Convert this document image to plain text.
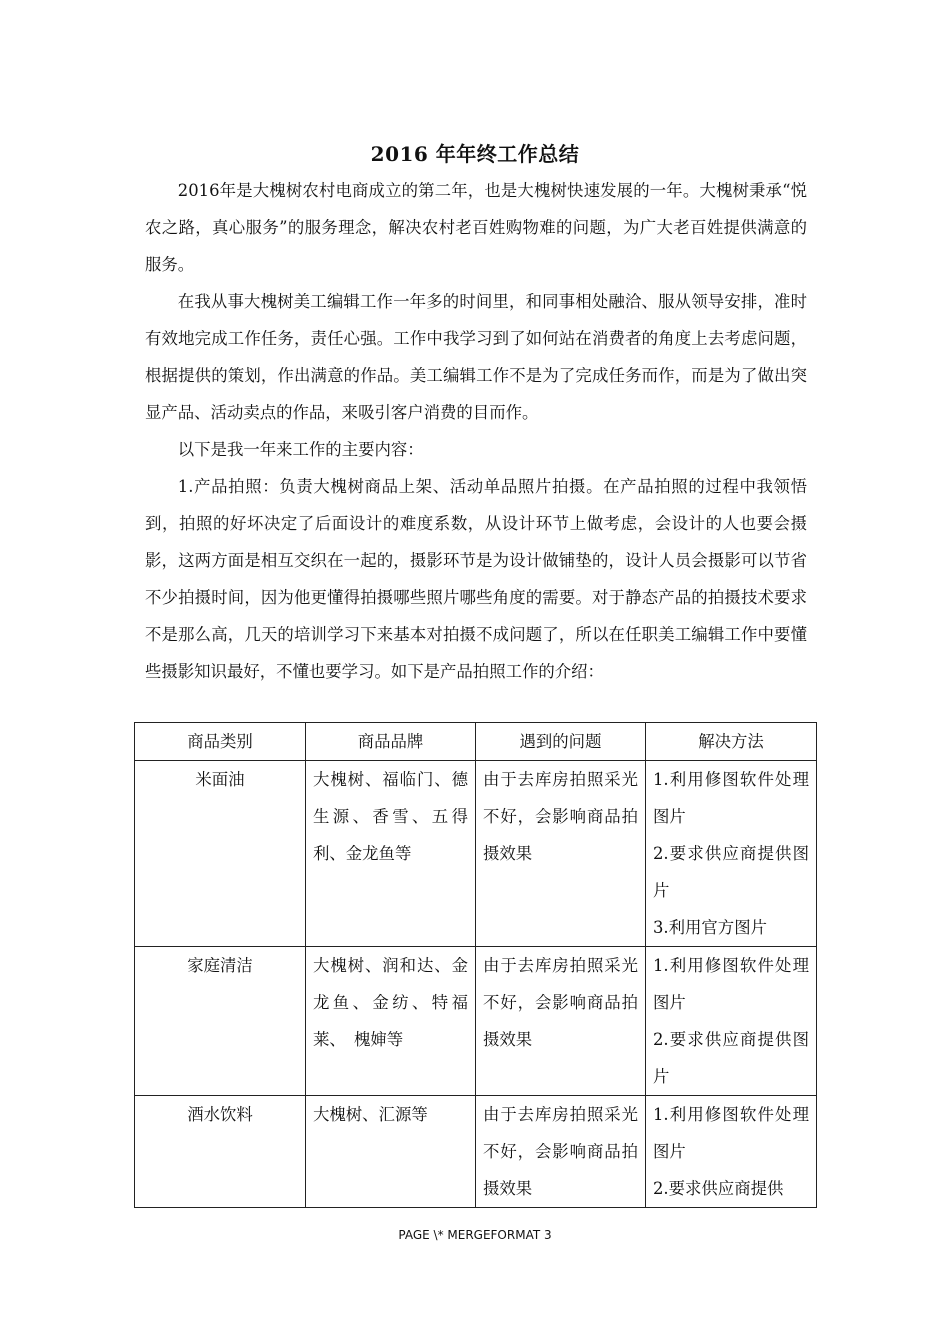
2016 年年终工作总结

2016年是大槐树农村电商成立的第二年，也是大槐树快速发展的一年。大槐树秉承“悦农之路，真心服务”的服务理念，解决农村老百姓购物难的问题，为广大老百姓提供满意的服务。

在我从事大槐树美工编辑工作一年多的时间里，和同事相处融洽、服从领导安排，准时有效地完成工作任务，责任心强。工作中我学习到了如何站在消费者的角度上去考虑问题，根据提供的策划，作出满意的作品。美工编辑工作不是为了完成任务而作，而是为了做出突显产品、活动卖点的作品，来吸引客户消费的目而作。

以下是我一年来工作的主要内容：

1.产品拍照：负责大槐树商品上架、活动单品照片拍摄。在产品拍照的过程中我领悟到，拍照的好坏决定了后面设计的难度系数，从设计环节上做考虑，会设计的人也要会摄影，这两方面是相互交织在一起的，摄影环节是为设计做铺垫的，设计人员会摄影可以节省不少拍摄时间，因为他更懂得拍摄哪些照片哪些角度的需要。对于静态产品的拍摄技术要求不是那么高，几天的培训学习下来基本对拍摄不成问题了，所以在任职美工编辑工作中要懂些摄影知识最好，不懂也要学习。如下是产品拍照工作的介绍：

商品类别	商品品牌	遇到的问题	解决方法
米面油	大槐树、福临门、德生源、香雪、五得利、金龙鱼等	由于去库房拍照采光不好，会影响商品拍摄效果	1.利用修图软件处理图片
2.要求供应商提供图片
3.利用官方图片

家庭清洁	大槐树、润和达、金龙鱼、金纺、特福莱、　槐婶等	由于去库房拍照采光不好，会影响商品拍摄效果	1.利用修图软件处理图片
2.要求供应商提供图片

酒水饮料	大槐树、汇源等	由于去库房拍照采光不好，会影响商品拍摄效果	1.利用修图软件处理图片
2.要求供应商提供
PAGE \* MERGEFORMAT 3
